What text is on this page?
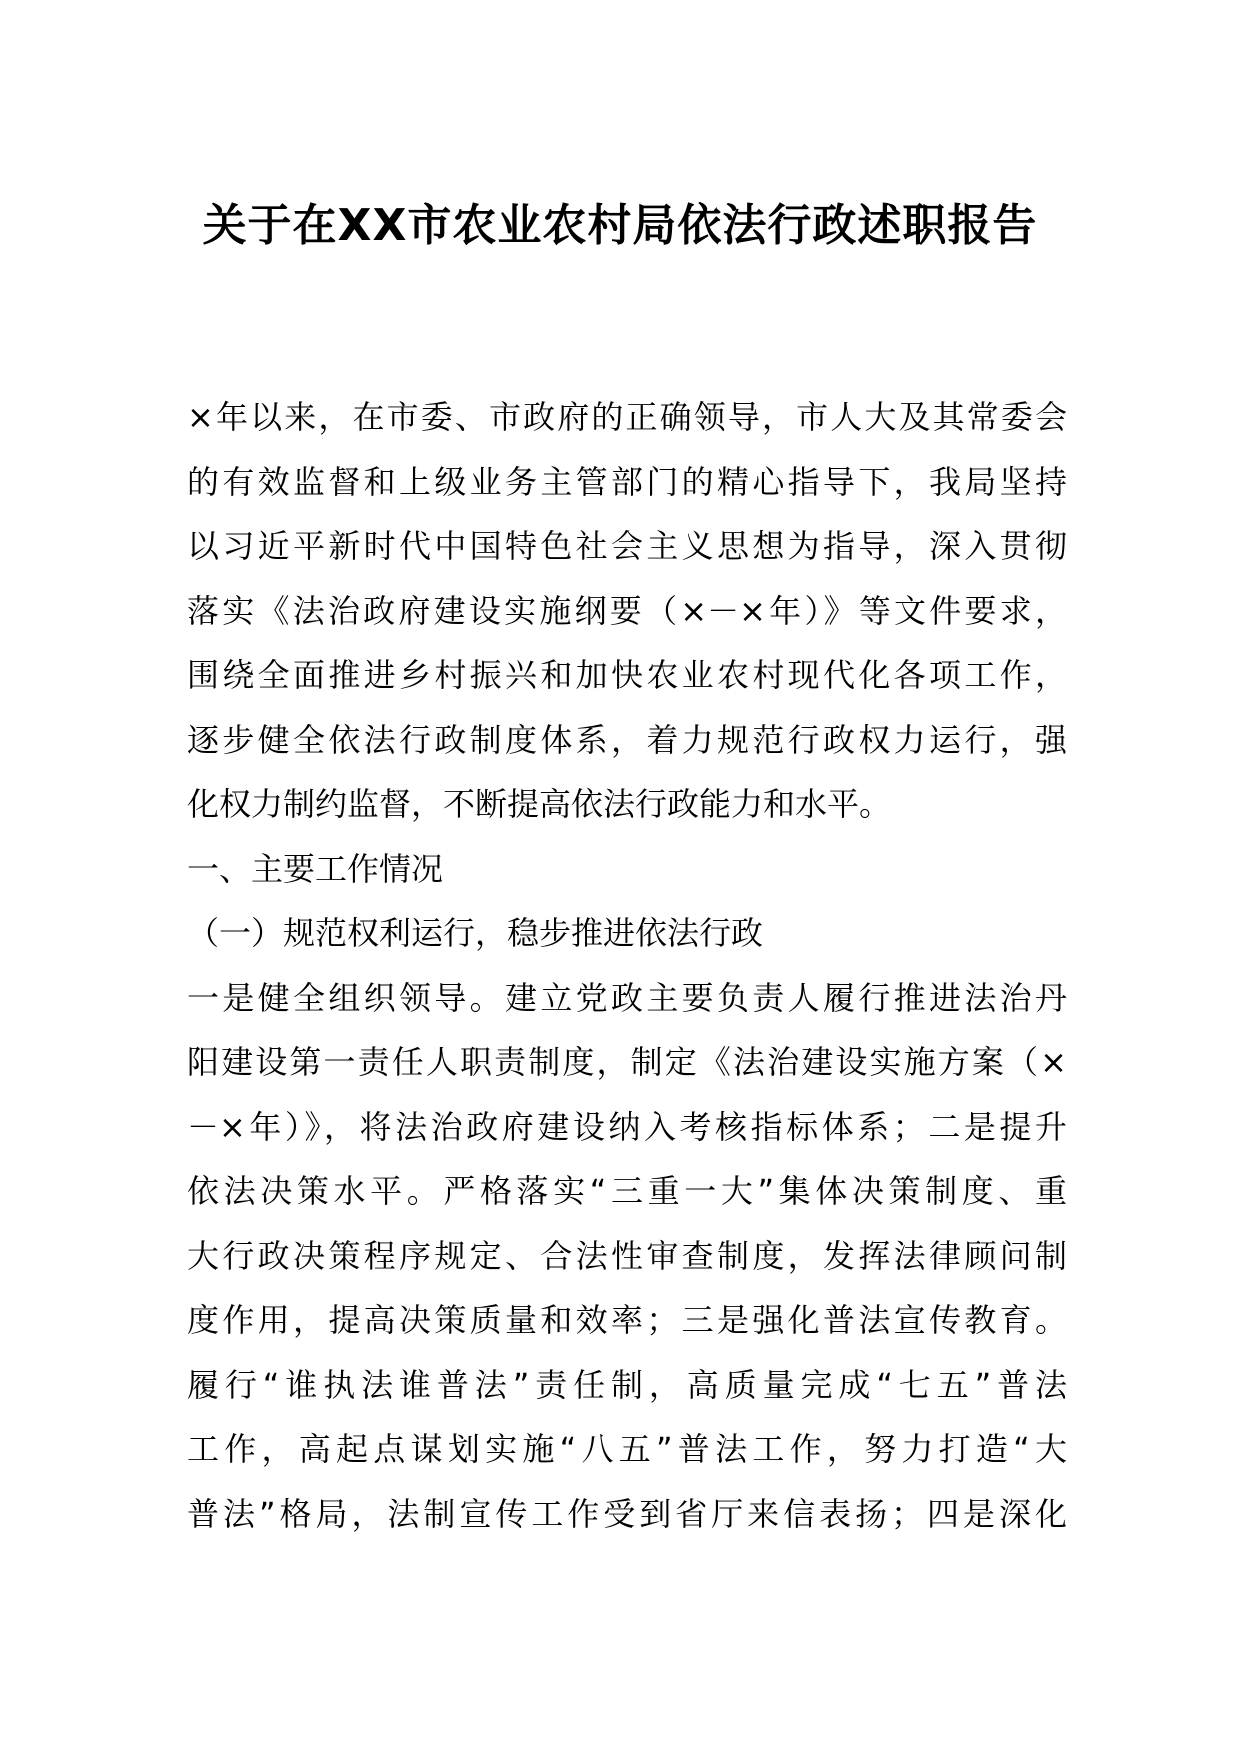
关于在XX市农业农村局依法行政述职报告
×年以来，在市委、市政府的正确领导，市人大及其常委会
的有效监督和上级业务主管部门的精心指导下，我局坚持
以习近平新时代中国特色社会主义思想为指导，深入贯彻
落实《法治政府建设实施纲要（×－×年）》等文件要求，
围绕全面推进乡村振兴和加快农业农村现代化各项工作，
逐步健全依法行政制度体系，着力规范行政权力运行，强
化权力制约监督，不断提高依法行政能力和水平。
一、主要工作情况
（一）规范权利运行，稳步推进依法行政
一是健全组织领导。建立党政主要负责人履行推进法治丹
阳建设第一责任人职责制度，制定《法治建设实施方案（×
－×年）》，将法治政府建设纳入考核指标体系；二是提升
依法决策水平。严格落实“三重一大”集体决策制度、重
大行政决策程序规定、合法性审查制度，发挥法律顾问制
度作用，提高决策质量和效率；三是强化普法宣传教育。
履行“谁执法谁普法”责任制，高质量完成“七五”普法
工作，高起点谋划实施“八五”普法工作，努力打造“大
普法”格局，法制宣传工作受到省厅来信表扬；四是深化
